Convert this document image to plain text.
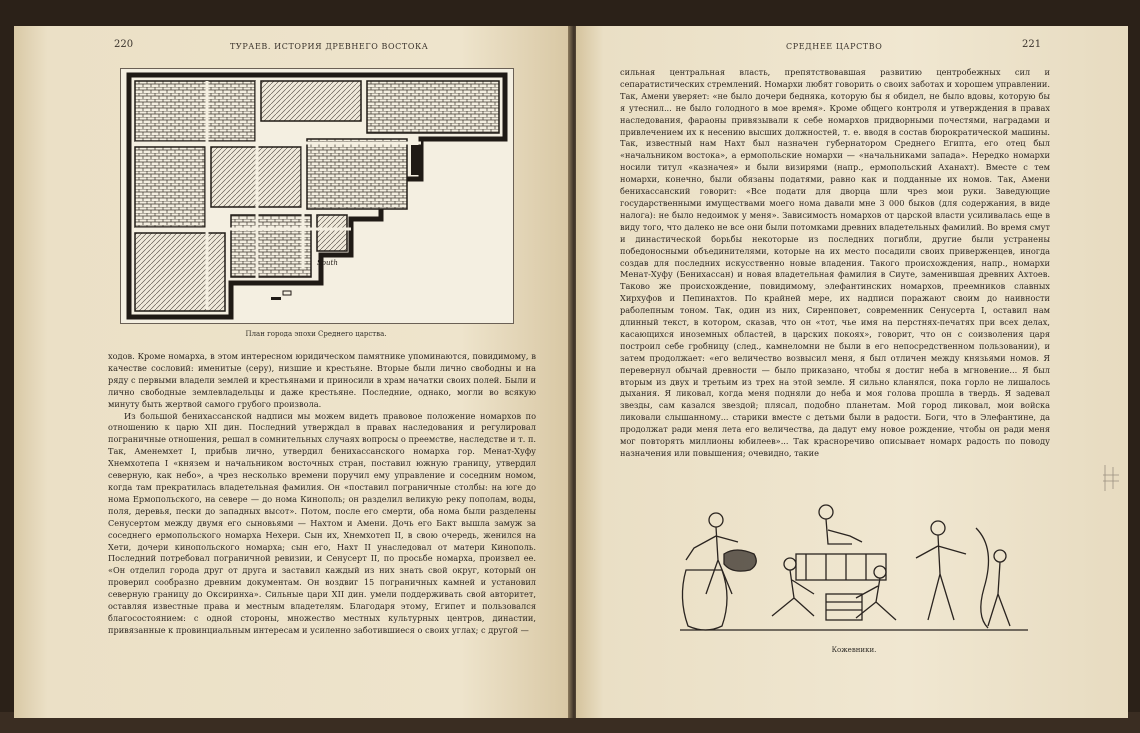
220	ТУРАЕВ. ИСТОРИЯ ДРЕВНЕГО ВОСТОКА
South
План города эпохи Среднего царства.

ходов. Кроме номарха, в этом интересном юридическом памятнике упоминаются, повидимому, в качестве сословий: именитые (серу), низшие и крестьяне. Вторые были лично свободны и на ряду с первыми владели землей и крестьянами и приносили в храм начатки своих полей. Были и лично свободные землевладельцы и даже крестьяне. Последние, однако, могли во всякую минуту быть жертвой самого грубого произвола.

Из большой бенихассанской надписи мы можем видеть правовое положение номархов по отношению к царю XII дин. Последний утверждал в правах наследования и регулировал пограничные отношения, решал в сомнительных случаях вопросы о преемстве, наследстве и т. п. Так, Аменемхет I, прибыв лично, утвердил бенихассанского номарха гор. Менат-Хуфу Хнемхотепа I «князем и начальником восточных стран, поставил южную границу, утвердил северную, как небо», а чрез несколько времени поручил ему управление и соседним номом, когда там прекратилась владетельная фамилия. Он «поставил пограничные столбы: на юге до нома Ермопольского, на севере — до нома Кинополь; он разделил великую реку пополам, воды, поля, деревья, пески до западных высот». Потом, после его смерти, оба нома были разделены Сенусертом между двумя его сыновьями — Нахтом и Амени. Дочь его Бакт вышла замуж за соседнего ермопольского номарха Нехери. Сын их, Хнемхотеп II, в свою очередь, женился на Хети, дочери кинопольского номарха; сын его, Нахт II унаследовал от матери Кинополь. Последний потребовал пограничной ревизии, и Сенусерт II, по просьбе номарха, произвел ее. «Он отделил города друг от друга и заставил каждый из них знать свой округ, который он проверил сообразно древним документам. Он воздвиг 15 пограничных камней и установил северную границу до Оксиринха». Сильные цари XII дин. умели поддерживать свой авторитет, оставляя известные права и местным владетелям. Благодаря этому, Египет и пользовался благосостоянием: с одной стороны, множество местных культурных центров, династии, привязанные к провинциальным интересам и усиленно заботившиеся о своих углах; с другой —

СРЕДНЕЕ ЦАРСТВО	221

сильная центральная власть, препятствовавшая развитию центробежных сил и сепаратистических стремлений. Номархи любят говорить о своих заботах и хорошем управлении. Так, Амени уверяет: «не было дочери бедняка, которую бы я обидел, не было вдовы, которую бы я утеснил... не было голодного в мое время». Кроме общего контроля и утверждения в правах наследования, фараоны привязывали к себе номархов придворными почестями, наградами и привлечением их к несению высших должностей, т. е. вводя в состав бюрократической машины. Так, известный нам Нахт был назначен губернатором Среднего Египта, его отец был «начальником востока», а ермопольские номархи — «начальниками запада». Нередко номархи носили титул «казначея» и были визирями (напр., ермопольский Аханахт). Вместе с тем номархи, конечно, были обязаны податями, равно как и подданные их номов. Так, Амени бенихассанский говорит: «Все подати для дворца шли чрез мои руки. Заведующие государственными имуществами моего нома давали мне 3 000 быков (для содержания, в виде налога): не было недоимок у меня». Зависимость номархов от царской власти усиливалась еще в виду того, что далеко не все они были потомками древних владетельных фамилий. Во время смут и династической борьбы некоторые из последних погибли, другие были устранены победоносными объединителями, которые на их место посадили своих приверженцев, иногда создав для последних искусственно новые владения. Такого происхождения, напр., номархи Менат-Хуфу (Бенихассан) и новая владетельная фамилия в Сиуте, заменившая древних Ахтоев. Таково же происхождение, повидимому, элефантинских номархов, преемников славных Хирхуфов и Пепинахтов. По крайней мере, их надписи поражают своим до наивности раболепным тоном. Так, один из них, Сиренповет, современник Сенусерта I, оставил нам длинный текст, в котором, сказав, что он «тот, чье имя на перстнях-печатях при всех делах, касающихся иноземных областей, в царских покоях», говорит, что он с соизволения царя построил себе гробницу (след., камнеломни не были в его непосредственном пользовании), и затем продолжает: «его величество возвысил меня, я был отличен между князьями номов. Я перевернул обычай древности — было приказано, чтобы я достиг неба в мгновение... Я был вторым из двух и третьим из трех на этой земле. Я сильно кланялся, пока горло не лишалось дыхания. Я ликовал, когда меня подняли до неба и моя голова прошла в твердь. Я задевал звезды, сам казался звездой; плясал, подобно планетам. Мой город ликовал, мои войска ликовали слышанному... старики вместе с детьми были в радости. Боги, что в Элефантине, да продолжат ради меня лета его величества, да дадут ему новое рождение, чтобы он ради меня мог повторять миллионы юбилеев»... Так красноречиво описывает номарх радость по поводу назначения или повышения; очевидно, такие

Кожевники.
